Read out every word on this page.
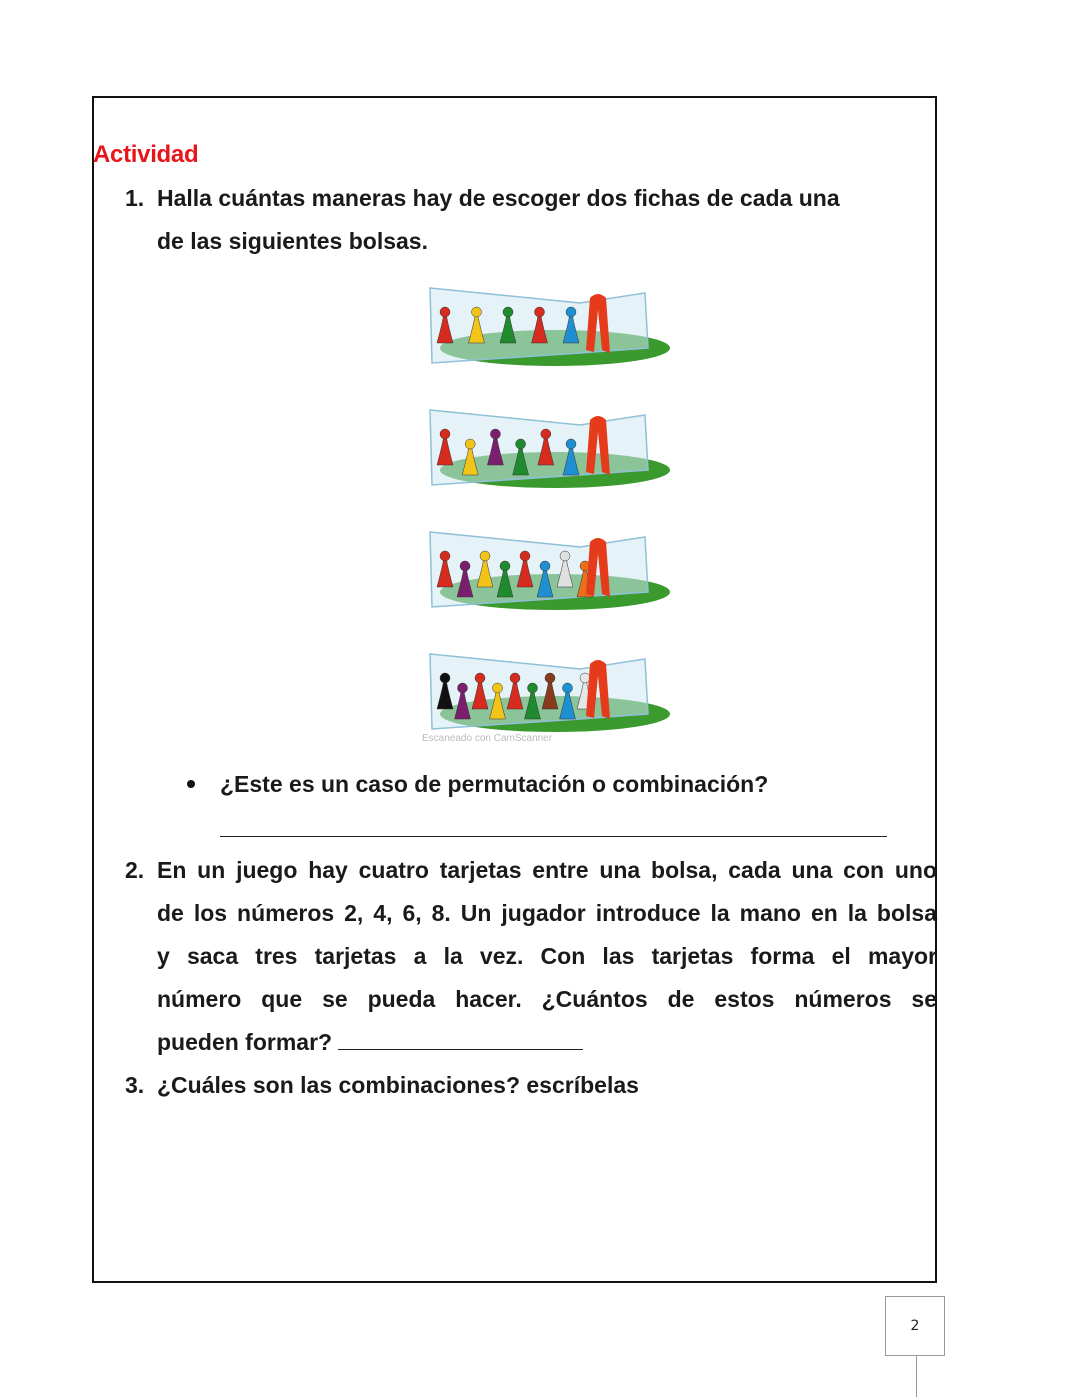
Actividad
1. Halla cuántas maneras hay de escoger dos fichas de cada una
de las siguientes bolsas.
Escaneado con CamScanner
¿Este es un caso de permutación o combinación?
2. En un juego hay cuatro tarjetas entre una bolsa, cada una con uno
de los números 2, 4, 6, 8. Un jugador introduce la mano en la bolsa
y saca tres tarjetas a la vez. Con las tarjetas forma el mayor
número que se pueda hacer. ¿Cuántos de estos números se
pueden formar?
3. ¿Cuáles son las combinaciones? escríbelas
2
